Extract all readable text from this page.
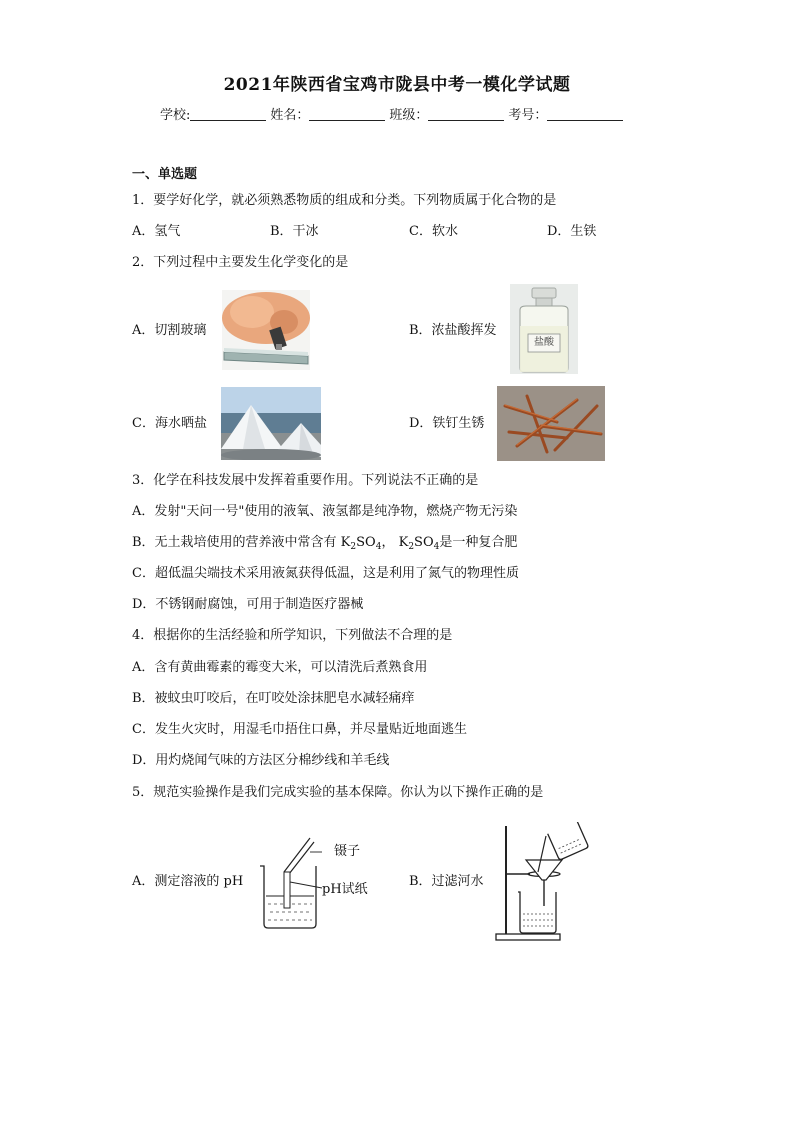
2021年陕西省宝鸡市陇县中考一模化学试题
学校:	姓名：	班级：	考号：
一、单选题
1．要学好化学，就必须熟悉物质的组成和分类。下列物质属于化合物的是
A．氢气	B．干冰	C．软水	D．生铁
2．下列过程中主要发生化学变化的是
A．切割玻璃	B．浓盐酸挥发
盐酸
C．海水晒盐	D．铁钉生锈
3．化学在科技发展中发挥着重要作用。下列说法不正确的是
A．发射"天问一号"使用的液氧、液氢都是纯净物，燃烧产物无污染
B．无土栽培使用的营养液中常含有 $K_2SO_4$， $K_2SO_4$是一种复合肥
C．超低温尖端技术采用液氮获得低温，这是利用了氮气的物理性质
D．不锈钢耐腐蚀，可用于制造医疗器械
4．根据你的生活经验和所学知识，下列做法不合理的是
A．含有黄曲霉素的霉变大米，可以清洗后煮熟食用
B．被蚊虫叮咬后，在叮咬处涂抹肥皂水减轻痛痒
C．发生火灾时，用湿毛巾捂住口鼻，并尽量贴近地面逃生
D．用灼烧闻气味的方法区分棉纱线和羊毛线
5．规范实验操作是我们完成实验的基本保障。你认为以下操作正确的是
A．测定溶液的 pH
镊子
pH试纸
B．过滤河水
